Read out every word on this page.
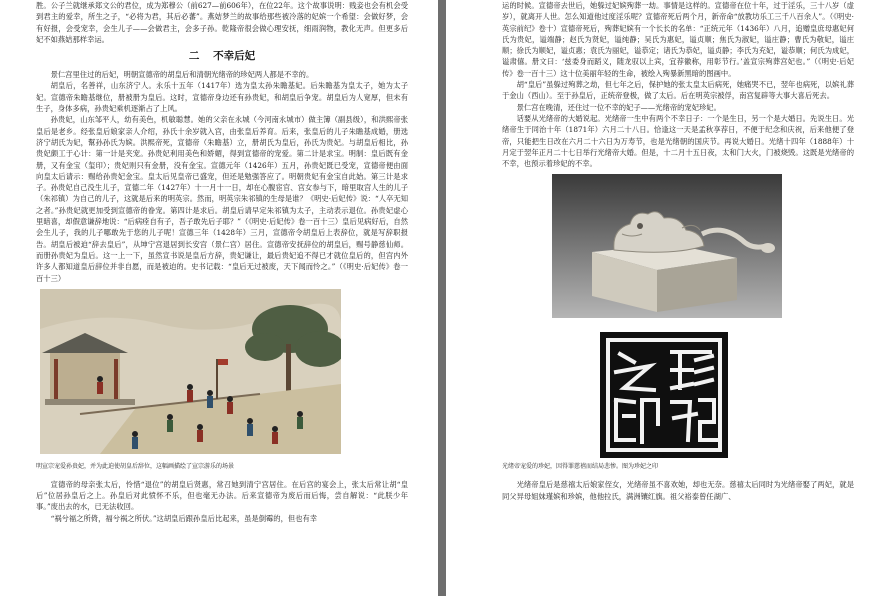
胜。公子兰就继承郑文公的君位，成为郑穆公（前627—前606年），在位22年。这个故事说明：贱妾也会有机会受到君主的爱幸，所生之子，“必将为君，其后必蕃”。燕姞梦兰的故事给那些被冷落的妃嫔一个希望：会做好梦，会有好报，会受宠幸，会生儿子——会做君主，会多子孙。乾隆帝很会做心理安抚，细雨润物，教化无声。但更多后妃不如燕姞那样幸运。

二 不幸后妃

景仁宫里住过的后妃，明朝宣德帝的胡皇后和清朝光绪帝的珍妃两人都是不幸的。

胡皇后，名善祥，山东济宁人。永乐十五年（1417年）选为皇太孙朱瞻基妃。后朱瞻基为皇太子，她为太子妃。宣德帝朱瞻基继位，册被册为皇后。这时，宣德帝身边还有孙贵妃，和胡皇后争宠。胡皇后为人宽厚，但未有生子，身体多病，孙贵妃乘机逐渐占了上风。

孙贵妃，山东邹平人，幼有美色，机敏聪慧。她的父亲在永城（今河南永城市）做主簿（副县级），和洪熙帝张皇后是老乡。经张皇后娘家亲人介绍，孙氏十余岁就入宫，由张皇后养育。后来，张皇后的儿子朱瞻基成婚，册选济宁胡氏为妃，幫孙孙氏为嫔。洪熙帝死，宣德帝（朱瞻基）立，册胡氏为皇后，孙氏为贵妃。与胡皇后相比，孙贵妃颇工于心计：第一计是夹宠。孙贵妃利用美色和娇媚，得到宣德帝的宠爱。第二计是求宝。明制：皇后既有金册，又有金宝（玺印）；贵妃则只有金册，没有金宝。宣德元年（1426年）五月，孙贵妃既已受宠，宣德帝便由面向皇太后请示：赐给孙贵妃金宝。皇太后见皇帝已盛宠，但还是勉强答应了。明朝贵妃有金宝自此始。第三计是求子。孙贵妃自己没生儿子，宣德二年（1427年）十一月十一日，却在心腹宦官、宫女参与下，暗里取宫人生的儿子（朱祁镇）为自己的儿子，这就是后来的明英宗。然而，明英宗朱祁镇的生母是谁？《明史·后妃传》说：“人卒无知之者。”孙贵妃就更加受到宣德帝的眷宠。第四计是求后。胡皇后请早定朱祁镇为太子，主动表示退位。孙贵妃虚心里暗喜，却假意谦辞地说：“后病痊自有子，吾子敢先后子耶？”（《明史·后妃传》卷一百十三）皇后见病好后，自然会生儿子，我的儿子哪敢先于您的儿子呢！宣德三年（1428年）三月，宣德帝令胡皇后上表辞位，就是写辞职报告。胡皇后被迫“辞去皇后”，从坤宁宫退居到长安宫（景仁宫）居住。宣德帝安抚辞位的胡皇后，赐号静慈仙师。而册孙贵妃为皇后。这一上一下，虽然宣书说是皇后方辞，贵妃谦让，最后贵妃追不得已才就位皇后的，但宫内外许多人都知道皇后辞位并非自愿，而是被迫的。史书记载：“皇后无过被废，天下闻而怜之。”（《明史·后妃传》卷一百十三）

明宣宗宠爱孙贵妃，并为此迫使胡皇后辞位，这幅画描绘了宣宗游乐的场景

宣德帝的母亲张太后，怜惜“退位”的胡皇后贤惠，常召她到清宁宫居住。在后宫的宴会上，张太后常让胡“皇后”位居孙皇后之上。孙皇后对此愤怀不乐，但也毫无办法。后来宣德帝为废后而后悔，尝自解说：“此朕少年事。”废出去的水，已无法收回。

“祸兮福之所倚，福兮祸之所伏。”这胡皇后跟孙皇后比起来，虽是倒霉的，但也有幸

运的时候。宣德帝去世后，她躲过妃嫔殉葬一劫。事情是这样的。宣德帝在位十年，过于淫乐，三十八岁（虚岁），就离开人世。怎么知道他过度淫乐呢？宣德帝死后两个月，新帝命“放教坊乐工三千八百余人”。（《明史·英宗前纪》卷十）宣德帝死后，殉葬妃嫔有一个长长的名单：“正统元年（1436年）八月，追赠皇庶母惠妃何氏为贵妃，谥端静；赵氏为贤妃，谥纯静；吴氏为惠妃，谥贞顺；焦氏为淑妃，谥庄静；曹氏为敬妃，谥庄顺；徐氏为顺妃，谥贞惠；袁氏为丽妃，谥恭定；诸氏为恭妃，谥贞静；李氏为充妃，谥恭顺；何氏为成妃，谥肃僖。册文曰：‘兹委身而蹈义，随龙驭以上宾，宜荐徽称，用彰节行。’盖宣宗殉葬宫妃也。”（《明史·后妃传》卷一百十三）这十位美丽年轻的生命，被绘入殉暴新黑暗的图画中。

胡“皇后”虽躲过殉葬之劫，但七年之后，保护她的张太皇太后病死，她痛哭不已，翌年也病死，以嫔礼葬于金山（西山）。至于孙皇后，正统帝登极，做了太后。后在明英宗被俘，南宫复辟等大事大喜后死去。

景仁宫在晚清，还住过一位不幸的妃子——光绪帝的宠妃珍妃。

话要从光绪帝的大婚说起。光绪帝一生中有两个不幸日子：一个是生日，另一个是大婚日。先说生日。光绪帝生于同治十年（1871年）六月二十八日。恰逢这一天是孟秋享荐日，不便于纪念和庆祝，后来他便了登帝，只能把生日改在六月二十六日为万寿节，也是光绪朝的国庆节。再说大婚日。光绪十四年（1888年）十月定于翌年正月二十七日举行光绪帝大婚。但是，十二月十五日夜，太和门大火，门被烧毁。这既是光绪帝的不幸，也预示着珍妃的不幸。

珍妃之印
光绪帝宠爱的珍妃，因得罪慈禧而结局悲惨。图为珍妃之印

光绪帝皇后是慈禧太后娘家侄女，光绪帝虽不喜欢她，却也无奈。慈禧太后同时为光绪帝娶了两妃，就是同父异母姐妹瑾嫔和珍嫔，他他拉氏，满洲镶红旗。祖父裕泰曾任湖广、
